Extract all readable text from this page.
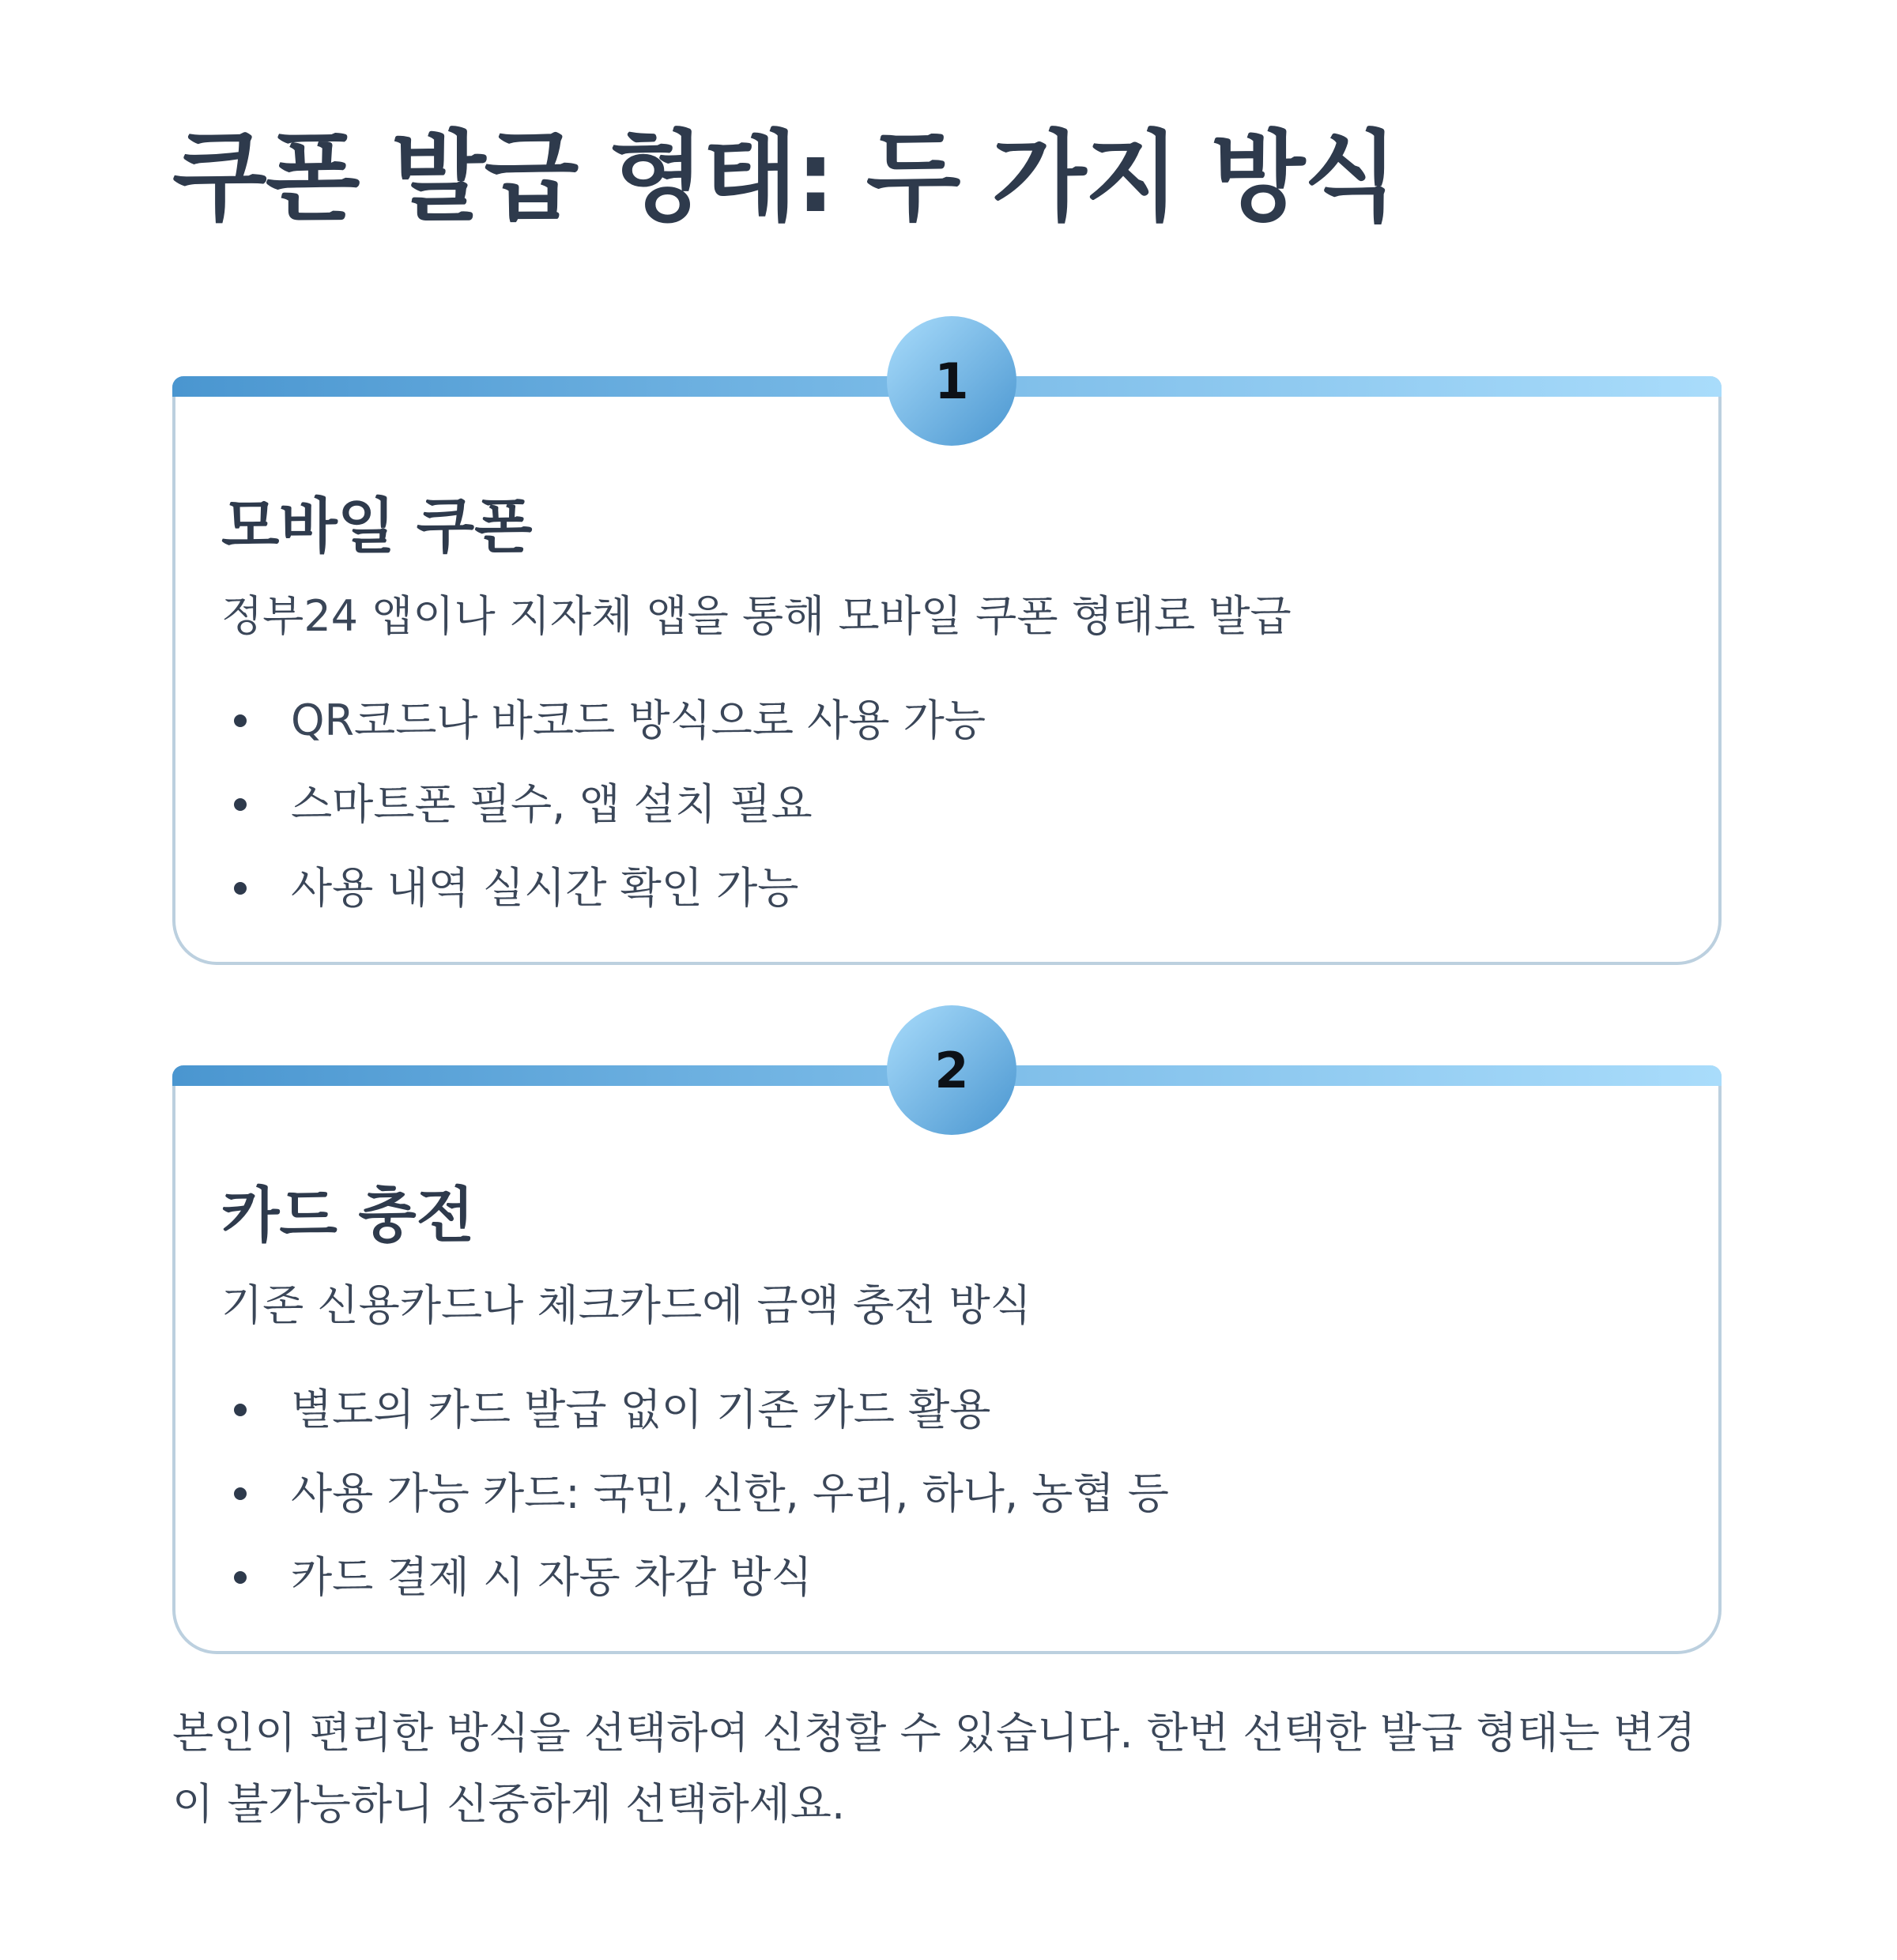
쿠폰 발급 형태: 두 가지 방식
1
모바일 쿠폰

정부24 앱이나 지자체 앱을 통해 모바일 쿠폰 형태로 발급

QR코드나 바코드 방식으로 사용 가능
스마트폰 필수, 앱 설치 필요
사용 내역 실시간 확인 가능
2
카드 충전

기존 신용카드나 체크카드에 금액 충전 방식

별도의 카드 발급 없이 기존 카드 활용
사용 가능 카드: 국민, 신한, 우리, 하나, 농협 등
카드 결제 시 자동 차감 방식

본인이 편리한 방식을 선택하여 신청할 수 있습니다. 한번 선택한 발급 형태는 변경이 불가능하니 신중하게 선택하세요.
